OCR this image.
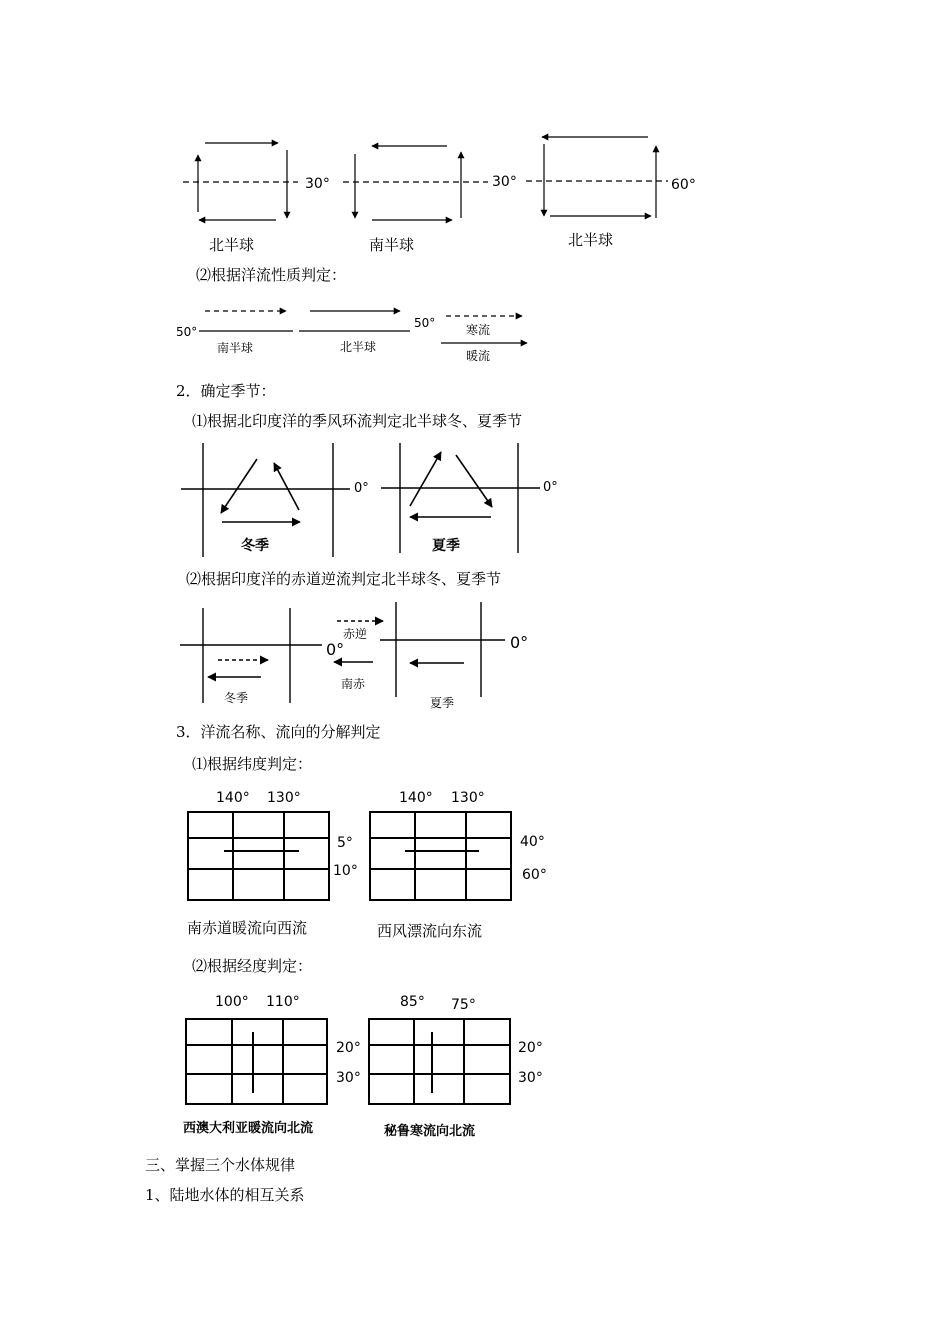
30°	30°	60°
北半球	南半球	北半球
50°
50°
南半球	北半球
寒流
暖流
0°	0°
冬季	夏季
0°	0°
赤逆
南赤
冬季	夏季
140° 130°
5°
10°
140° 130°
40°
60°
南赤道暖流向西流	西风漂流向东流
100° 110°
20°
30°
85° 75°
20°
30°
西澳大利亚暖流向北流	秘鲁寒流向北流
⑵根据洋流性质判定：
2．确定季节：
⑴根据北印度洋的季风环流判定北半球冬、夏季节
⑵根据印度洋的赤道逆流判定北半球冬、夏季节
3．洋流名称、流向的分解判定
⑴根据纬度判定：
⑵根据经度判定：
三、掌握三个水体规律
1、陆地水体的相互关系
